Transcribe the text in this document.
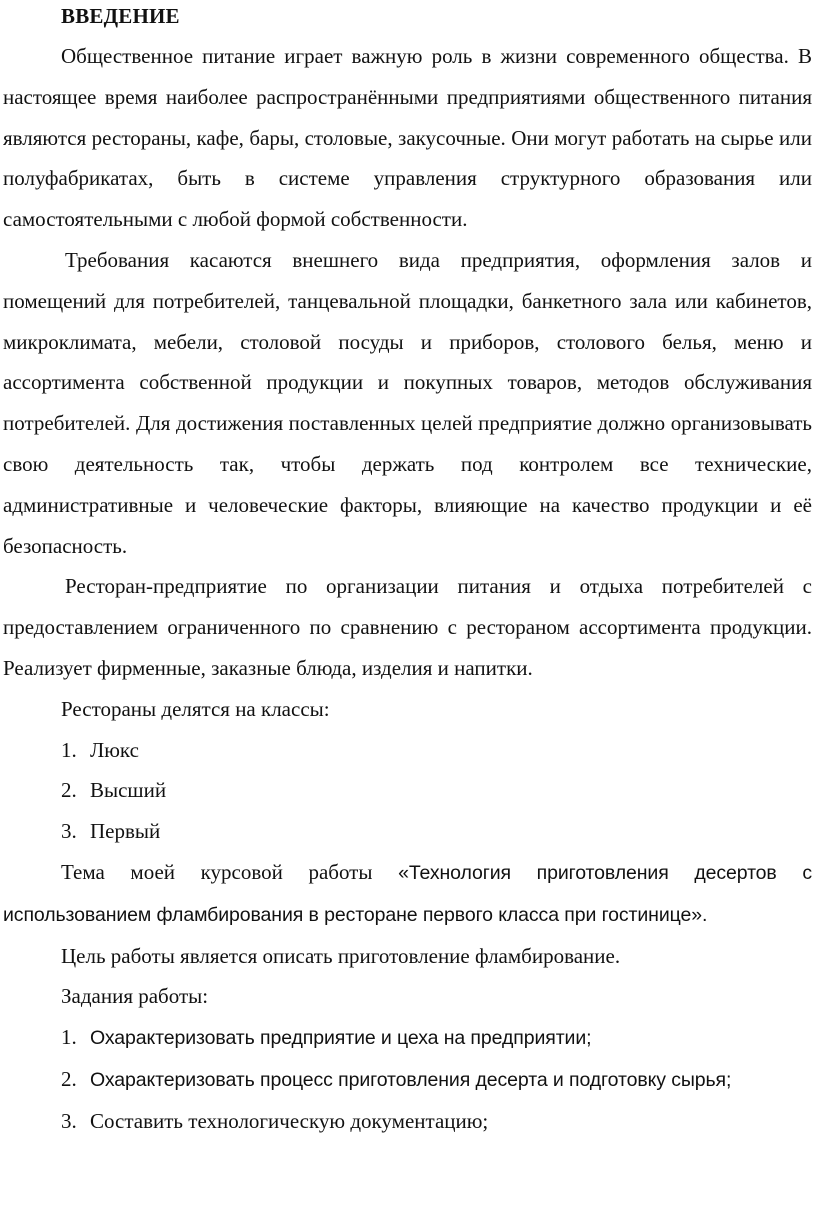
ВВЕДЕНИЕ

Общественное питание играет важную роль в жизни современного общества. В настоящее время наиболее распространёнными предприятиями общественного питания являются рестораны, кафе, бары, столовые, закусочные. Они могут работать на сырье или полуфабрикатах, быть в системе управления структурного образования или самостоятельными с любой формой собственности.

Требования касаются внешнего вида предприятия, оформления залов и помещений для потребителей, танцевальной площадки, банкетного зала или кабинетов, микроклимата, мебели, столовой посуды и приборов, столового белья, меню и ассортимента собственной продукции и покупных товаров, методов обслуживания потребителей. Для достижения поставленных целей предприятие должно организовывать свою деятельность так, чтобы держать под контролем все технические, административные и человеческие факторы, влияющие на качество продукции и её безопасность.

Ресторан-предприятие по организации питания и отдыха потребителей с предоставлением ограниченного по сравнению с рестораном ассортимента продукции. Реализует фирменные, заказные блюда, изделия и напитки.

Рестораны делятся на классы:

1. Люкс
2. Высший
3. Первый

Тема моей курсовой работы «Технология приготовления десертов с использованием фламбирования в ресторане первого класса при гостинице».

Цель работы является описать приготовление фламбирование.

Задания работы:

1. Охарактеризовать предприятие и цеха на предприятии;
2. Охарактеризовать процесс приготовления десерта и подготовку сырья;
3. Составить технологическую документацию;
